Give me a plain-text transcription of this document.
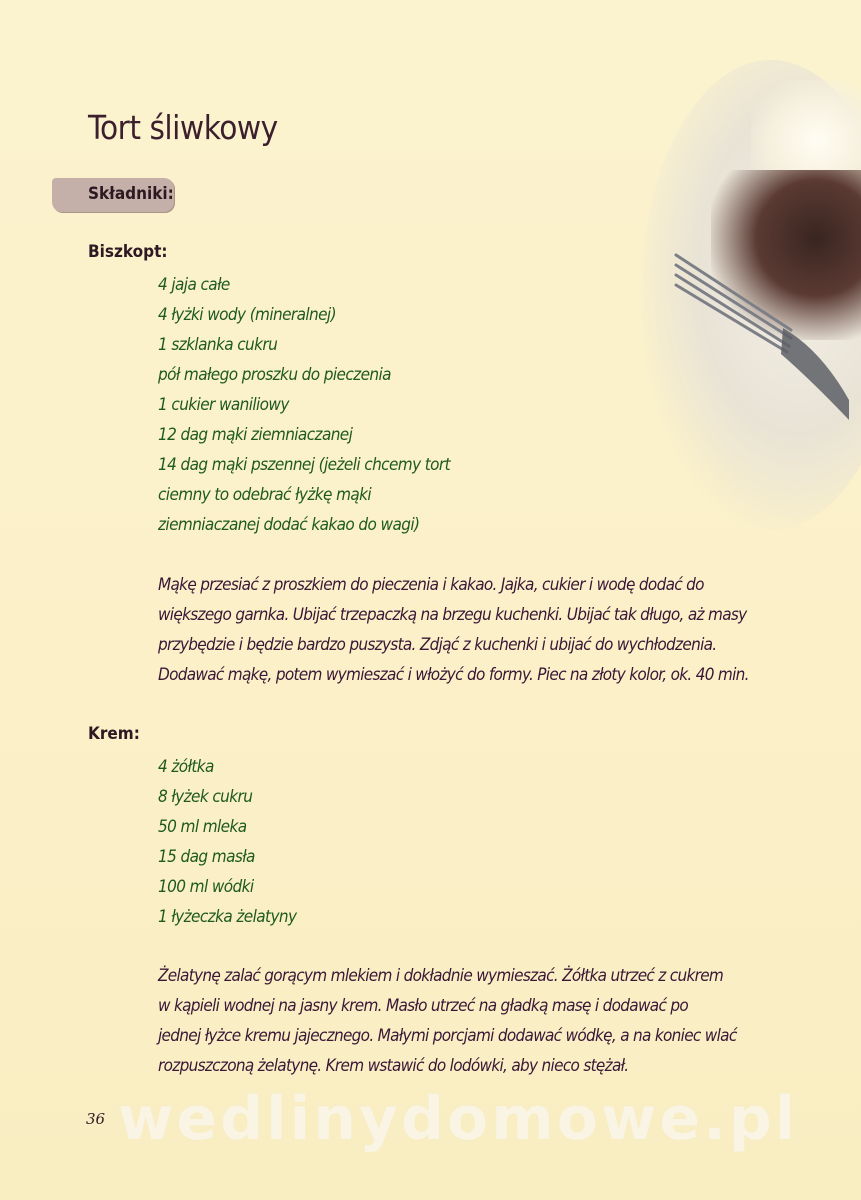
Tort śliwkowy
Składniki:
Biszkopt:
4 jaja całe
4 łyżki wody (mineralnej)
1 szklanka cukru
pół małego proszku do pieczenia
1 cukier waniliowy
12 dag mąki ziemniaczanej
14 dag mąki pszennej (jeżeli chcemy tort
ciemny to odebrać łyżkę mąki
ziemniaczanej dodać kakao do wagi)

Mąkę przesiać z proszkiem do pieczenia i kakao. Jajka, cukier i wodę dodać do
większego garnka. Ubijać trzepaczką na brzegu kuchenki. Ubijać tak długo, aż masy
przybędzie i będzie bardzo puszysta. Zdjąć z kuchenki i ubijać do wychłodzenia.
Dodawać mąkę, potem wymieszać i włożyć do formy. Piec na złoty kolor, ok. 40 min.

Krem:
4 żółtka
8 łyżek cukru
50 ml mleka
15 dag masła
100 ml wódki
1 łyżeczka żelatyny

Żelatynę zalać gorącym mlekiem i dokładnie wymieszać. Żółtka utrzeć z cukrem
w kąpieli wodnej na jasny krem. Masło utrzeć na gładką masę i dodawać po
jednej łyżce kremu jajecznego. Małymi porcjami dodawać wódkę, a na koniec wlać
rozpuszczoną żelatynę. Krem wstawić do lodówki, aby nieco stężał.

wedlinydomowe.pl
36
